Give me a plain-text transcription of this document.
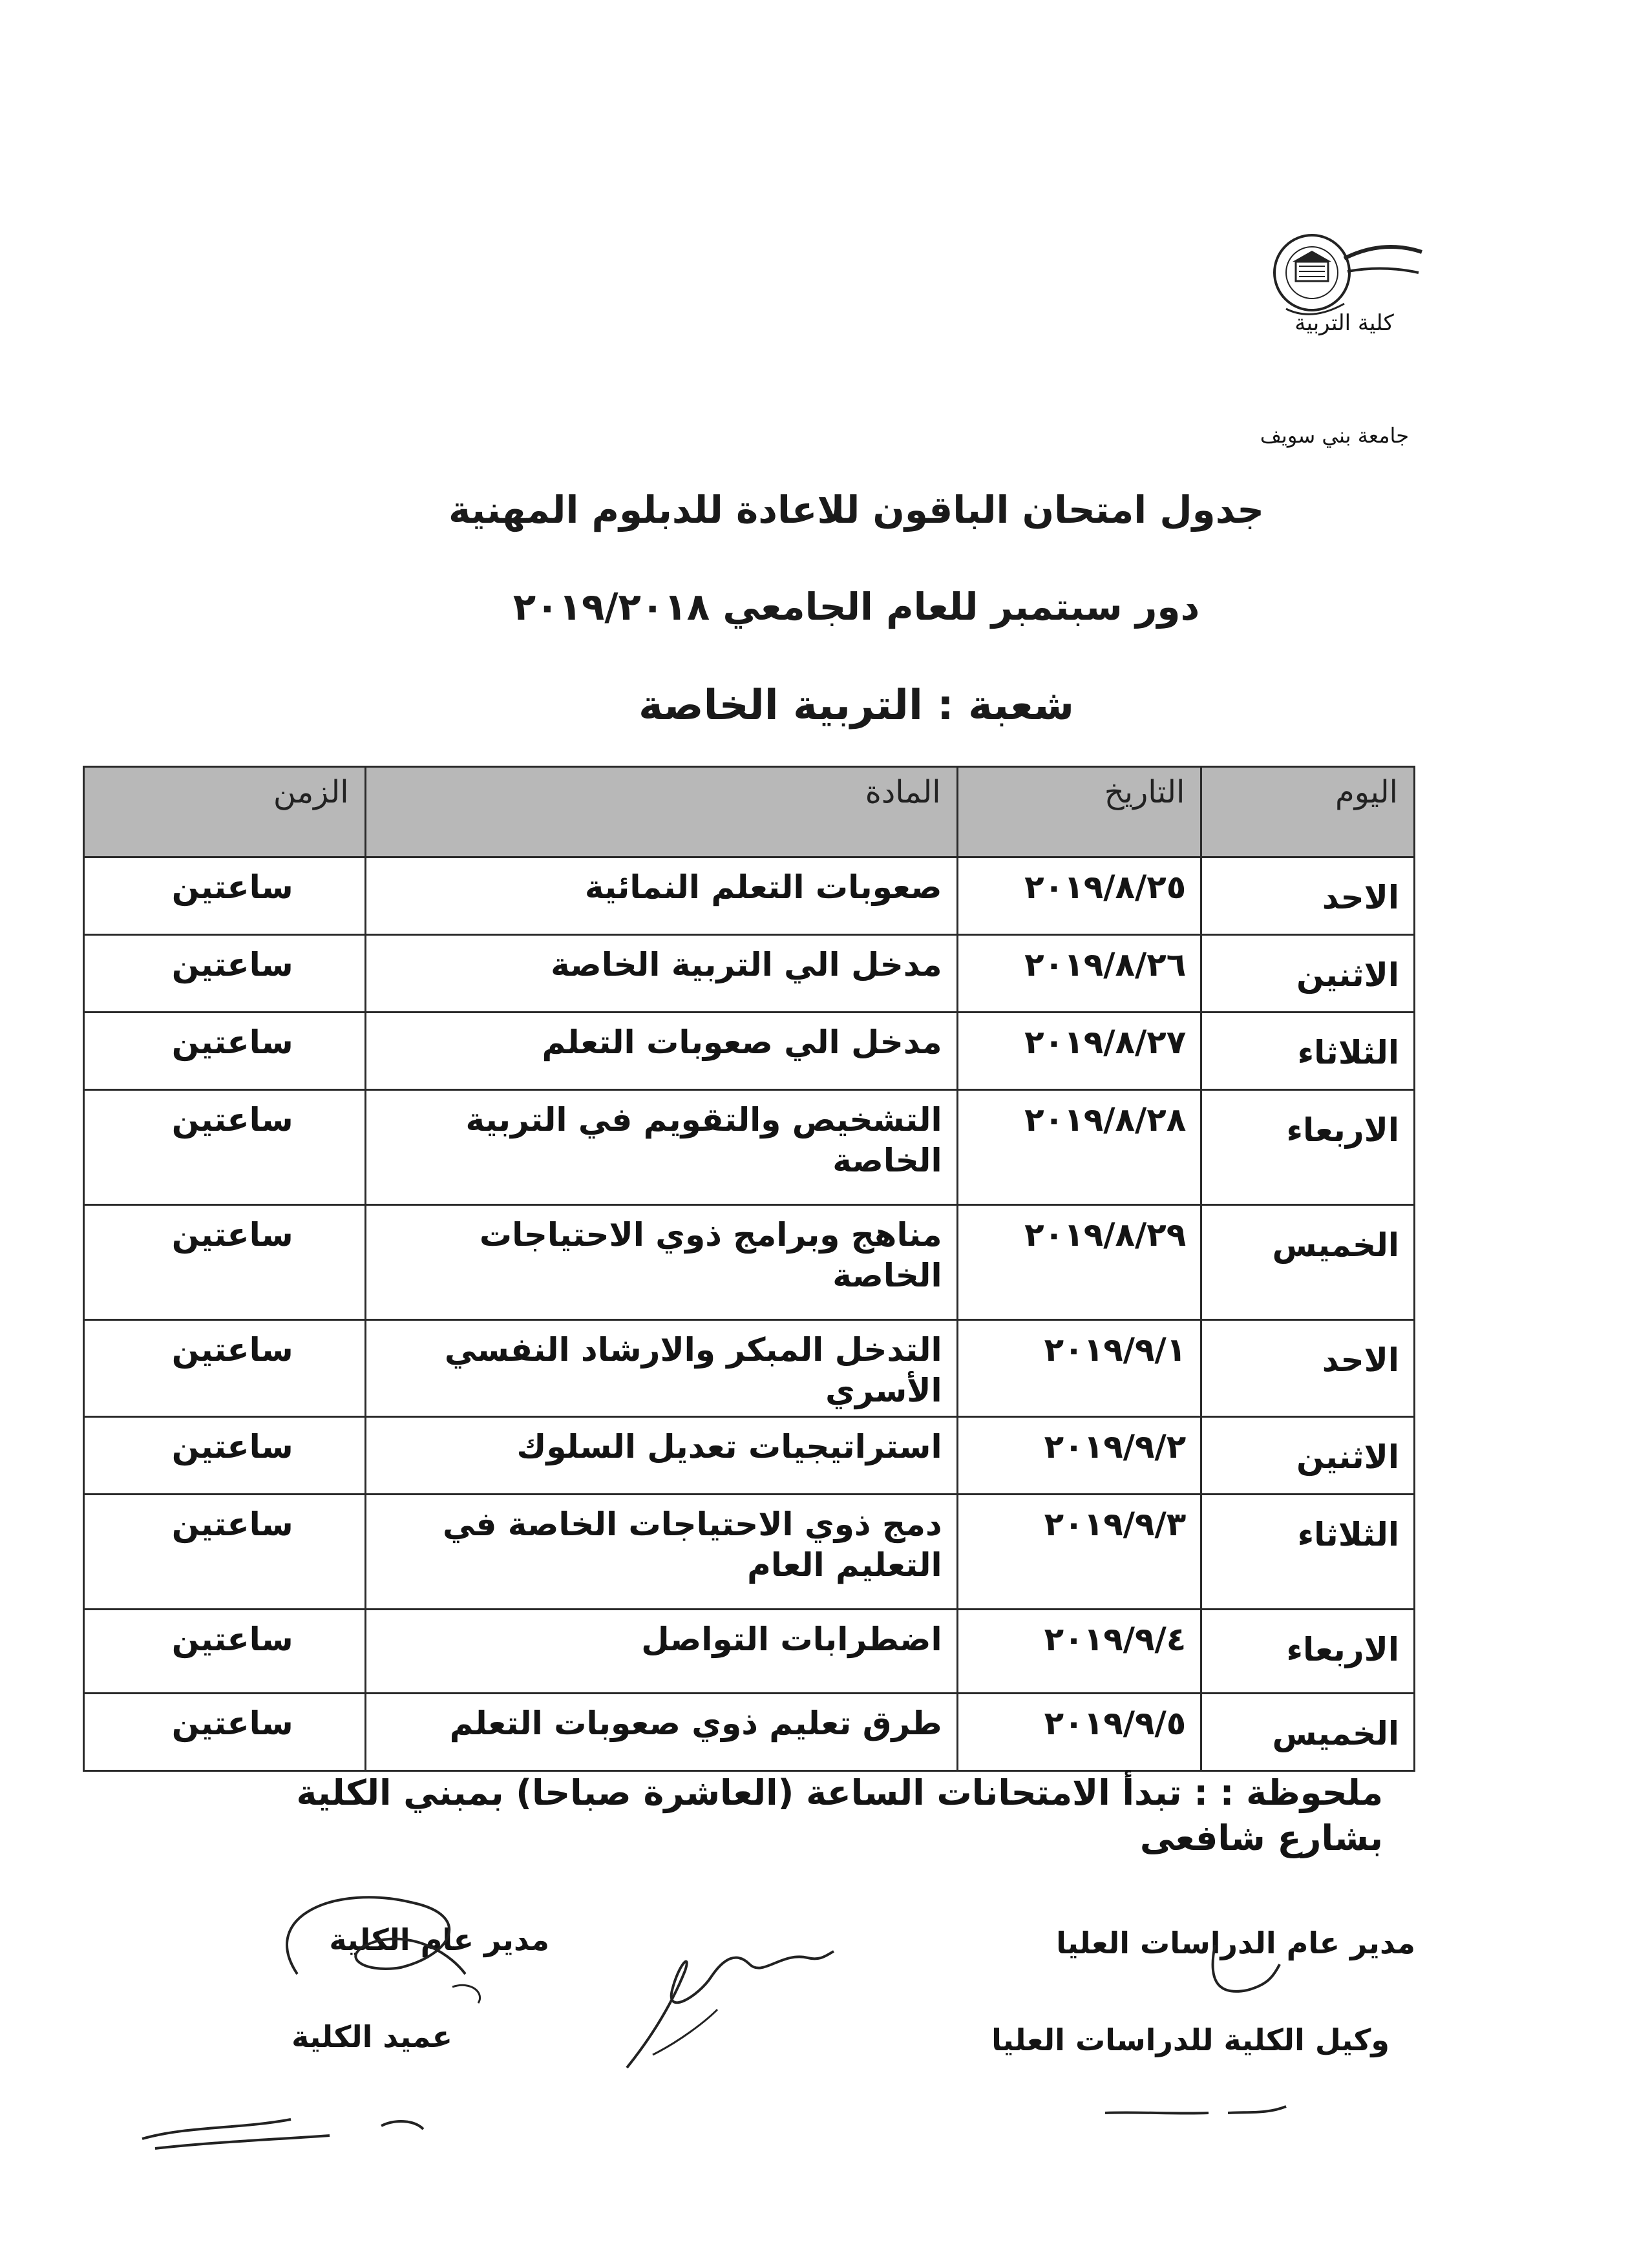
كلية التربية
جامعة بني سويف
جدول امتحان الباقون للاعادة للدبلوم المهنية
دور سبتمبر للعام الجامعي ٢٠١٩/٢٠١٨
شعبة : التربية الخاصة
اليوم	التاريخ	المادة	الزمن
الاحد	٢٠١٩/٨/٢٥	صعوبات التعلم النمائية	ساعتين
الاثنين	٢٠١٩/٨/٢٦	مدخل الي التربية الخاصة	ساعتين
الثلاثاء	٢٠١٩/٨/٢٧	مدخل الي صعوبات التعلم	ساعتين
الاربعاء	٢٠١٩/٨/٢٨	التشخيص والتقويم في التربية الخاصة	ساعتين
الخميس	٢٠١٩/٨/٢٩	مناهج وبرامج ذوي الاحتياجات الخاصة	ساعتين
الاحد	٢٠١٩/٩/١	التدخل المبكر والارشاد النفسي الأسري	ساعتين
الاثنين	٢٠١٩/٩/٢	استراتيجيات تعديل السلوك	ساعتين
الثلاثاء	٢٠١٩/٩/٣	دمج ذوي الاحتياجات الخاصة في التعليم العام	ساعتين
الاربعاء	٢٠١٩/٩/٤	اضطرابات التواصل	ساعتين
الخميس	٢٠١٩/٩/٥	طرق تعليم ذوي صعوبات التعلم	ساعتين
ملحوظة : : تبدأ الامتحانات الساعة (العاشرة صباحا) بمبني الكلية بشارع شافعى
مدير عام الدراسات العليا
وكيل الكلية للدراسات العليا
مدير عام الكلية
عميد الكلية
